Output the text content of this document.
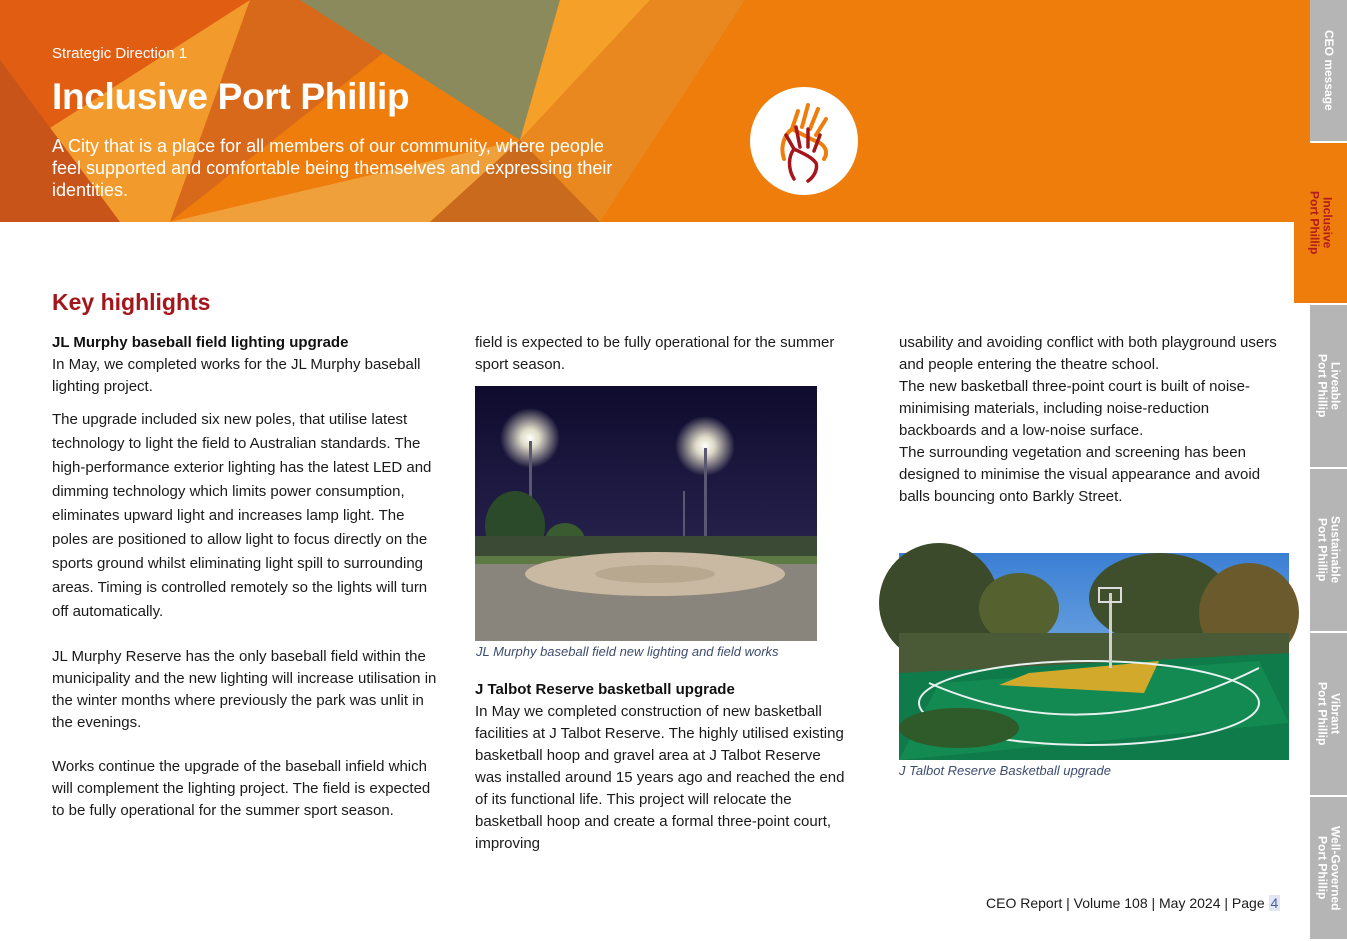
Strategic Direction 1
Inclusive Port Phillip
A City that is a place for all members of our community, where people feel supported and comfortable being themselves and expressing their identities.
CEO message
Inclusive
Port Phillip
Liveable
Port Phillip
Sustainable
Port Phillip
Vibrant
Port Phillip
Well-Governed
Port Phillip
Key highlights

JL Murphy baseball field lighting upgrade

In May, we completed works for the JL Murphy baseball lighting project.

The upgrade included six new poles, that utilise latest technology to light the field to Australian standards. The high-performance exterior lighting has the latest LED and dimming technology which limits power consumption, eliminates upward light and increases lamp light. The poles are positioned to allow light to focus directly on the sports ground whilst eliminating light spill to surrounding areas. Timing is controlled remotely so the lights will turn off automatically.

JL Murphy Reserve has the only baseball field within the municipality and the new lighting will increase utilisation in the winter months where previously the park was unlit in the evenings.

Works continue the upgrade of the baseball infield which will complement the lighting project. The field is expected to be fully operational for the summer sport season.

field is expected to be fully operational for the summer sport season.

JL Murphy baseball field new lighting and field works

J Talbot Reserve basketball upgrade

In May we completed construction of new basketball facilities at J Talbot Reserve. The highly utilised existing basketball hoop and gravel area at J Talbot Reserve was installed around 15 years ago and reached the end of its functional life. This project will relocate the basketball hoop and create a formal three-point court, improving

usability and avoiding conflict with both playground users and people entering the theatre school.

The new basketball three-point court is built of noise-minimising materials, including noise-reduction backboards and a low-noise surface.

The surrounding vegetation and screening has been designed to minimise the visual appearance and avoid balls bouncing onto Barkly Street.

J Talbot Reserve Basketball upgrade
CEO Report | Volume 108 | May 2024 | Page 4
